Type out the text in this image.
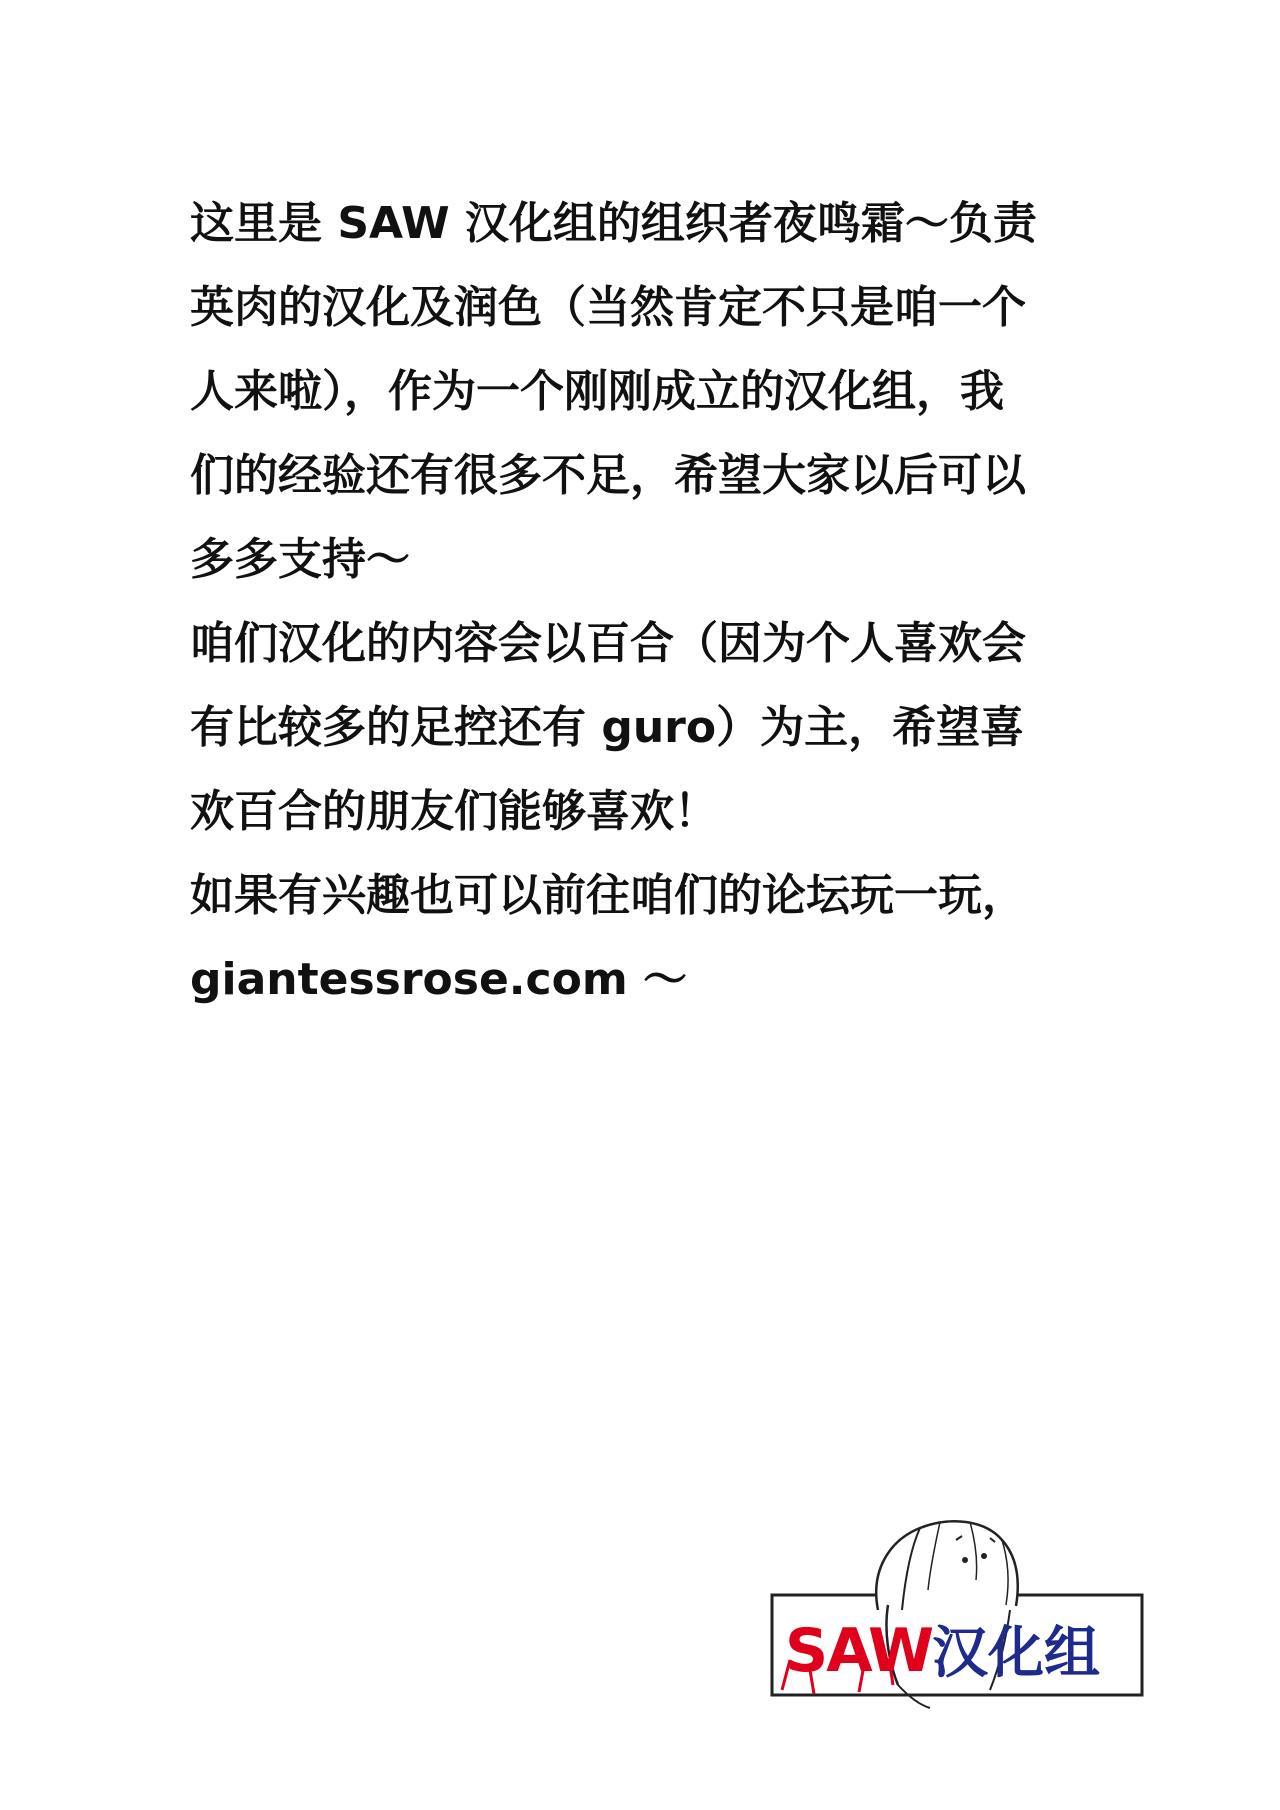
这里是 SAW 汉化组的组织者夜鸣霜～负责
英肉的汉化及润色（当然肯定不只是咱一个
人来啦），作为一个刚刚成立的汉化组，我
们的经验还有很多不足，希望大家以后可以
多多支持～
咱们汉化的内容会以百合（因为个人喜欢会
有比较多的足控还有 guro）为主，希望喜
欢百合的朋友们能够喜欢！
如果有兴趣也可以前往咱们的论坛玩一玩，
giantessrose.com ～
SAW 汉化组
